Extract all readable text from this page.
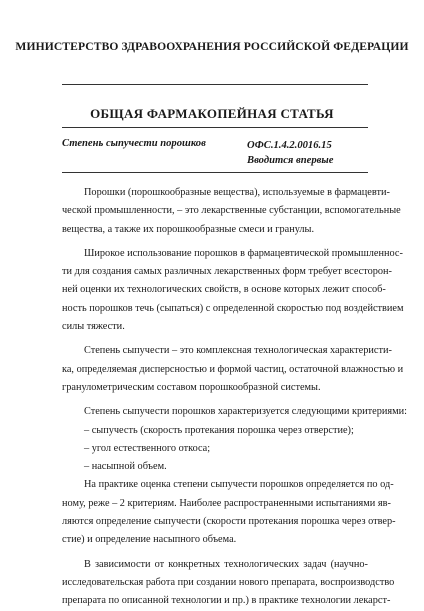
МИНИСТЕРСТВО ЗДРАВООХРАНЕНИЯ РОССИЙСКОЙ ФЕДЕРАЦИИ
ОБЩАЯ ФАРМАКОПЕЙНАЯ СТАТЬЯ
Степень сыпучести порошков	ОФС.1.4.2.0016.15
Вводится впервые
Порошки (порошкообразные вещества), используемые в фармацевти-
ческой промышленности, – это лекарственные субстанции, вспомогательные
вещества, а также их порошкообразные смеси и гранулы.
Широкое использование порошков в фармацевтической промышленнос-
ти для создания самых различных лекарственных форм требует всесторон-
ней оценки их технологических свойств, в основе которых лежит способ-
ность порошков течь (сыпаться) с определенной скоростью под воздействием
силы тяжести.
Степень сыпучести – это комплексная технологическая характеристи-
ка, определяемая дисперсностью и формой частиц, остаточной влажностью и
гранулометрическим составом порошкообразной системы.
Степень сыпучести порошков характеризуется следующими критериями:
– сыпучесть (скорость протекания порошка через отверстие);
– угол естественного откоса;
– насыпной объем.
На практике оценка степени сыпучести порошков определяется по од-
ному, реже – 2 критериям. Наиболее распространенными испытаниями яв-
ляются определение сыпучести (скорости протекания порошка через отвер-
стие) и определение насыпного объема.
В зависимости от конкретных технологических задач (научно-
исследовательская работа при создании нового препарата, воспроизводство
препарата по описанной технологии и пр.) в практике технологии лекарст-
